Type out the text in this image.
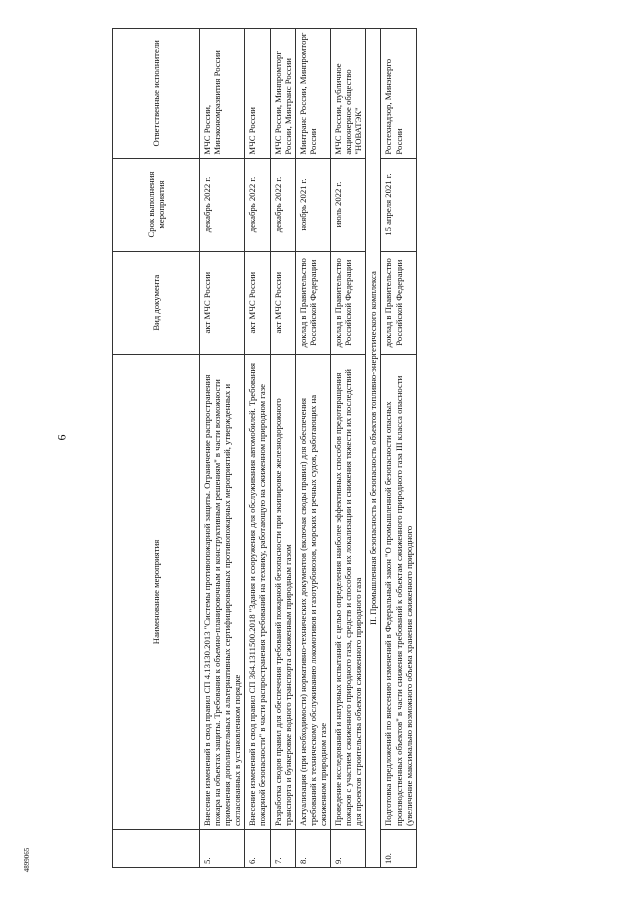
6
4899065
	Наименование мероприятия	Вид документа	Срок выполнения мероприятия	Ответственные исполнители
5.	Внесение изменений в свод правил СП 4.13130.2013 "Системы противопожарной защиты. Ограничение распространения пожара на объектах защиты. Требования к объемно-планировочным и конструктивным решениям" в части возможности применения дополнительных и альтернативных сертифицированных противопожарных мероприятий, утвержденных и согласованных в установленном порядке	акт МЧС России	декабрь 2022 г.	МЧС России, Минэкономразвития России
6.	Внесение изменений в свод правил СП 364.1311500.2018 "Здания и сооружения для обслуживания автомобилей. Требования пожарной безопасности" в части распространения требований на технику, работающую на сжиженном природном газе	акт МЧС России	декабрь 2022 г.	МЧС России
7.	Разработка сводов правил для обеспечения требований пожарной безопасности при экипировке железнодорожного транспорта и бункеровке водного транспорта сжиженным природным газом	акт МЧС России	декабрь 2022 г.	МЧС России, Минпромторг России, Минтранс России
8.	Актуализация (при необходимости) нормативно-технических документов (включая своды правил) для обеспечения требований к техническому обслуживанию локомотивов и газотурбовозов, морских и речных судов, работающих на сжиженном природном газе	доклад в Правительство Российской Федерации	ноябрь 2021 г.	Минтранс России, Минпромторг России
9.	Проведение исследований и натурных испытаний с целью определения наиболее эффективных способов предотвращения пожаров с участием сжиженного природного газа, средств и способов их локализации и снижения тяжести их последствий для проектов строительства объектов сжиженного природного газа	доклад в Правительство Российской Федерации	июль 2022 г.	МЧС России, публичное акционерное общество "НОВАТЭК"
II. Промышленная безопасность и безопасность объектов топливно-энергетического комплекса				
10.	Подготовка предложений по внесению изменений в Федеральный закон "О промышленной безопасности опасных производственных объектов" в части снижения требований к объектам сжиженного природного газа III класса опасности (увеличение максимально возможного объема хранения сжиженного природного	доклад в Правительство Российской Федерации	15 апреля 2021 г.	Ростехнадзор, Минэнерго России
